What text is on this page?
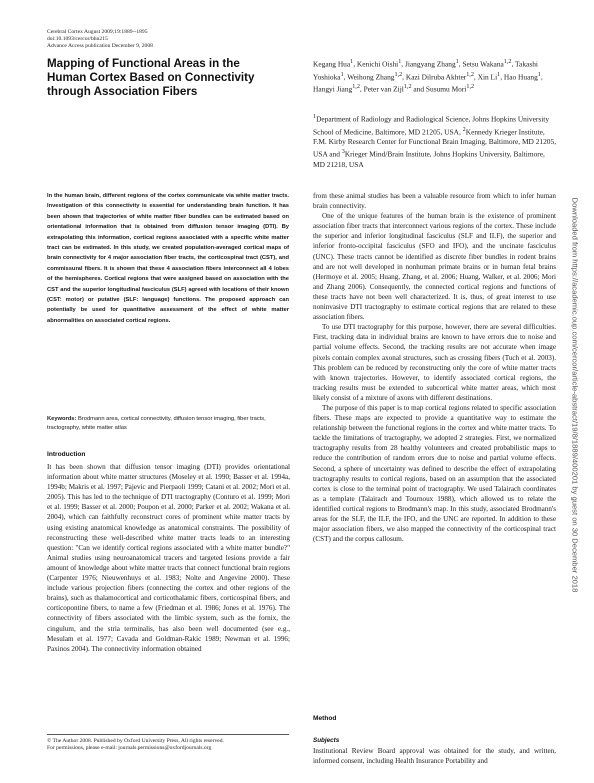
Cerebral Cortex August 2009;19:1889--1895
doi:10.1093/cercor/bhn215
Advance Access publication December 9, 2008
Mapping of Functional Areas in the Human Cortex Based on Connectivity through Association Fibers
Kegang Hua$^1$, Kenichi Oishi$^1$, Jiangyang Zhang$^1$, Setsu Wakana$^{1,2}$, Takashi Yoshioka$^1$, Weihong Zhang$^{1,2}$, Kazi Dilruba Akhter$^{1,2}$, Xin Li$^1$, Hao Huang$^1$, Hangyi Jiang$^{1,2}$, Peter van Zijl$^{1,2}$ and Susumu Mori$^{1,2}$
$^1$Department of Radiology and Radiological Science, Johns Hopkins University School of Medicine, Baltimore, MD 21205, USA, $^2$Kennedy Krieger Institute, F.M. Kirby Research Center for Functional Brain Imaging, Baltimore, MD 21205, USA and $^3$Krieger Mind/Brain Institute, Johns Hopkins University, Baltimore, MD 21218, USA
In the human brain, different regions of the cortex communicate via white matter tracts. Investigation of this connectivity is essential for understanding brain function. It has been shown that trajectories of white matter fiber bundles can be estimated based on orientational information that is obtained from diffusion tensor imaging (DTI). By extrapolating this information, cortical regions associated with a specific white matter tract can be estimated. In this study, we created population-averaged cortical maps of brain connectivity for 4 major association fiber tracts, the corticospinal tract (CST), and commissural fibers. It is shown that these 4 association fibers interconnect all 4 lobes of the hemispheres. Cortical regions that were assigned based on association with the CST and the superior longitudinal fasciculus (SLF) agreed with locations of their known (CST: motor) or putative (SLF: language) functions. The proposed approach can potentially be used for quantitative assessment of the effect of white matter abnormalities on associated cortical regions.
Keywords: Brodmann area, cortical connectivity, diffusion tensor imaging, fiber tracts, tractography, white matter atlas
Introduction

It has been shown that diffusion tensor imaging (DTI) provides orientational information about white matter structures (Moseley et al. 1990; Basser et al. 1994a, 1994b; Makris et al. 1997; Pajevic and Pierpaoli 1999; Catani et al. 2002; Mori et al. 2005). This has led to the technique of DTI tractography (Conturo et al. 1999; Mori et al. 1999; Basser et al. 2000; Poupon et al. 2000; Parker et al. 2002; Wakana et al. 2004), which can faithfully reconstruct cores of prominent white matter tracts by using existing anatomical knowledge as anatomical constraints. The possibility of reconstructing these well-described white matter tracts leads to an interesting question: "Can we identify cortical regions associated with a white matter bundle?" Animal studies using neuroanatomical tracers and targeted lesions provide a fair amount of knowledge about white matter tracts that connect functional brain regions (Carpenter 1976; Nieuwenhuys et al. 1983; Nolte and Angevine 2000). These include various projection fibers (connecting the cortex and other regions of the brains), such as thalamocortical and corticothalamic fibers, corticospinal fibers, and corticopontine fibers, to name a few (Friedman et al. 1986; Jones et al. 1976). The connectivity of fibers associated with the limbic system, such as the fornix, the cingulum, and the stria terminalis, has also been well documented (see e.g., Mesulam et al. 1977; Cavada and Goldman-Rakic 1989; Newman et al. 1996; Paxinos 2004). The connectivity information obtained

from these animal studies has been a valuable resource from which to infer human brain connectivity.

One of the unique features of the human brain is the existence of prominent association fiber tracts that interconnect various regions of the cortex. These include the superior and inferior longitudinal fasciculus (SLF and ILF), the superior and inferior fronto-occipital fasciculus (SFO and IFO), and the uncinate fasciculus (UNC). These tracts cannot be identified as discrete fiber bundles in rodent brains and are not well developed in nonhuman primate brains or in human fetal brains (Hermoye et al. 2005; Huang, Zhang, et al. 2006; Huang, Walker, et al. 2006; Mori and Zhang 2006). Consequently, the connected cortical regions and functions of these tracts have not been well characterized. It is, thus, of great interest to use noninvasive DTI tractography to estimate cortical regions that are related to these association fibers.

To use DTI tractography for this purpose, however, there are several difficulties. First, tracking data in individual brains are known to have errors due to noise and partial volume effects. Second, the tracking results are not accurate when image pixels contain complex axonal structures, such as crossing fibers (Tuch et al. 2003). This problem can be reduced by reconstructing only the core of white matter tracts with known trajectories. However, to identify associated cortical regions, the tracking results must be extended to subcortical white matter areas, which most likely consist of a mixture of axons with different destinations.

The purpose of this paper is to map cortical regions related to specific association fibers. These maps are expected to provide a quantitative way to estimate the relationship between the functional regions in the cortex and white matter tracts. To tackle the limitations of tractography, we adopted 2 strategies. First, we normalized tractography results from 28 healthy volunteers and created probabilistic maps to reduce the contribution of random errors due to noise and partial volume effects. Second, a sphere of uncertainty was defined to describe the effect of extrapolating tractography results to cortical regions, based on an assumption that the associated cortex is close to the terminal point of tractography. We used Talairach coordinates as a template (Talairach and Tournoux 1988), which allowed us to relate the identified cortical regions to Brodmann's map. In this study, associated Brodmann's areas for the SLF, the ILF, the IFO, and the UNC are reported. In addition to these major association fibers, we also mapped the connectivity of the corticospinal tract (CST) and the corpus callosum.

Method
Subjects

Institutional Review Board approval was obtained for the study, and written, informed consent, including Health Insurance Portability and

© The Author 2008. Published by Oxford University Press. All rights reserved.
For permissions, please e-mail: journals.permissions@oxfordjournals.org
Downloaded from https://academic.oup.com/cercor/article-abstract/19/8/1889/400201 by guest on 30 December 2018
